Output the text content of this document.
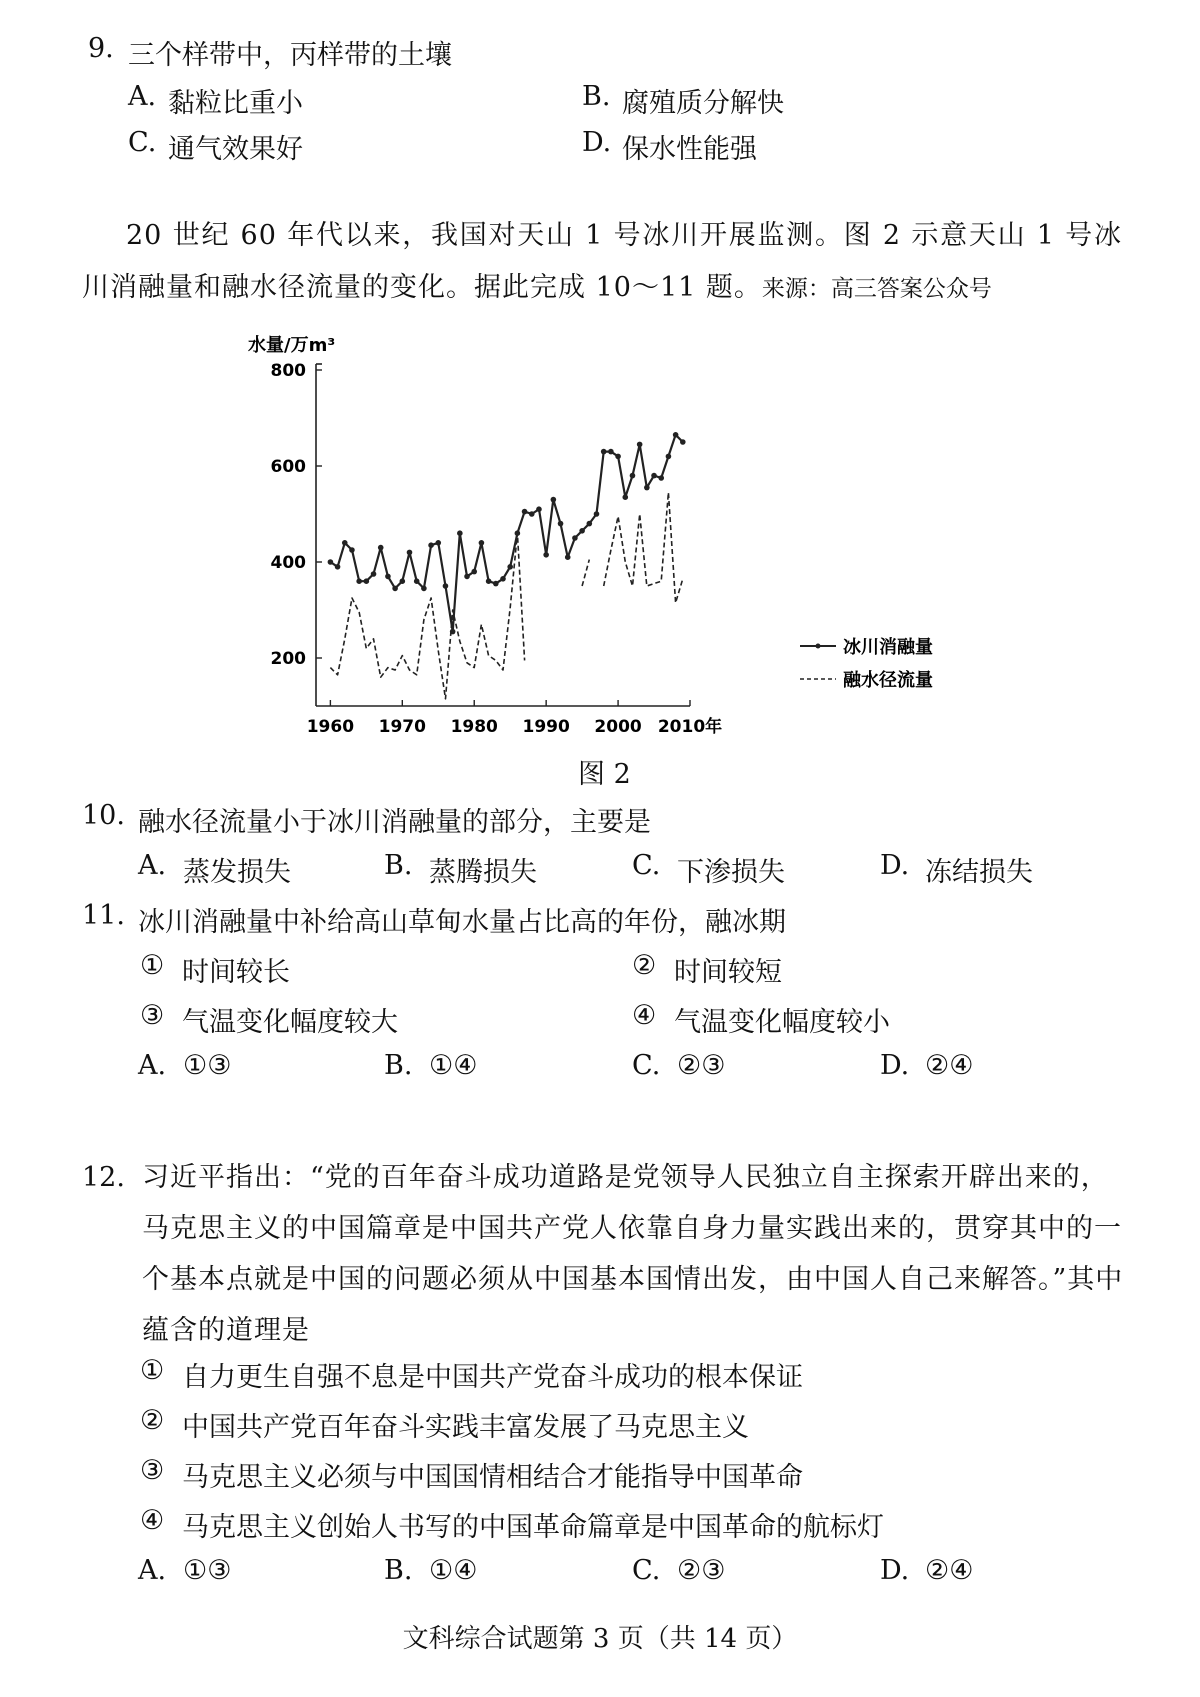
9. 三个样带中，丙样带的土壤
A. 黏粒比重小	B. 腐殖质分解快
C. 通气效果好	D. 保水性能强
20 世纪 60 年代以来，我国对天山 1 号冰川开展监测。图 2 示意天山 1 号冰川消融量和融水径流量的变化。据此完成 10～11 题。来源：高三答案公众号
水量/万m³
800
600
400
200
1960 1970 1980 1990 2000 2010年
冰川消融量
融水径流量
图 2
10. 融水径流量小于冰川消融量的部分，主要是
A. 蒸发损失	B. 蒸腾损失	C. 下渗损失	D. 冻结损失
11. 冰川消融量中补给高山草甸水量占比高的年份，融冰期
① 时间较长	② 时间较短
③ 气温变化幅度较大	④ 气温变化幅度较小
A. ①③	B. ①④	C. ②③	D. ②④
12. 习近平指出：“党的百年奋斗成功道路是党领导人民独立自主探索开辟出来的，马克思主义的中国篇章是中国共产党人依靠自身力量实践出来的，贯穿其中的一个基本点就是中国的问题必须从中国基本国情出发，由中国人自己来解答。”其中蕴含的道理是
① 自力更生自强不息是中国共产党奋斗成功的根本保证
② 中国共产党百年奋斗实践丰富发展了马克思主义
③ 马克思主义必须与中国国情相结合才能指导中国革命
④ 马克思主义创始人书写的中国革命篇章是中国革命的航标灯
A. ①③	B. ①④	C. ②③	D. ②④
文科综合试题第 3 页（共 14 页）
